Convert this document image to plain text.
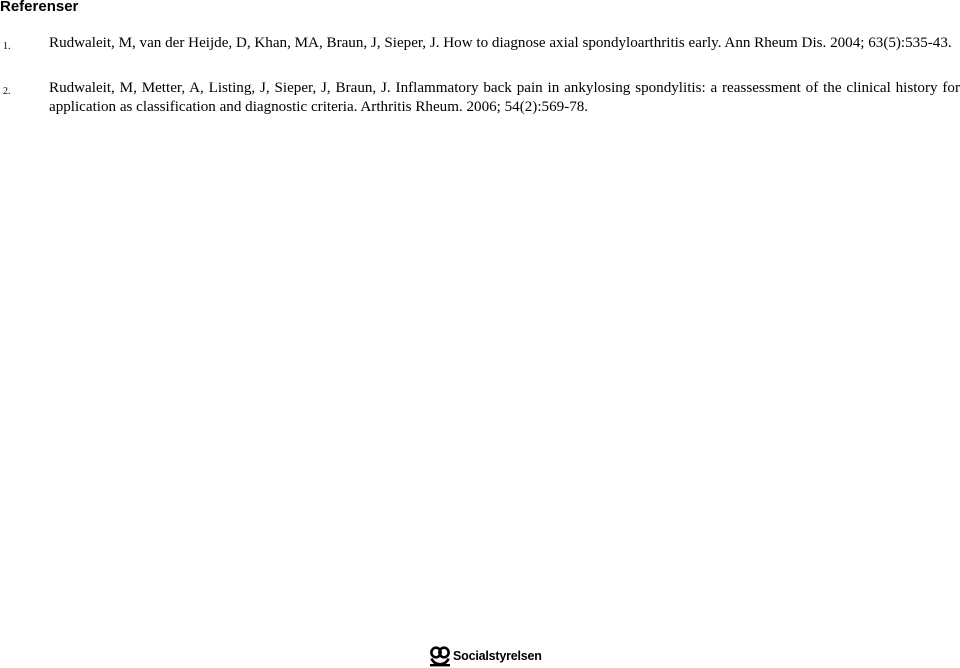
Referenser
1.	Rudwaleit, M, van der Heijde, D, Khan, MA, Braun, J, Sieper, J. How to diagnose axial spondyloarthritis early. Ann Rheum Dis. 2004; 63(5):535-43.
2.	Rudwaleit, M, Metter, A, Listing, J, Sieper, J, Braun, J. Inflammatory back pain in ankylosing spondylitis: a reassessment of the clinical history for application as classification and diagnostic criteria. Arthritis Rheum. 2006; 54(2):569-78.
Socialstyrelsen
